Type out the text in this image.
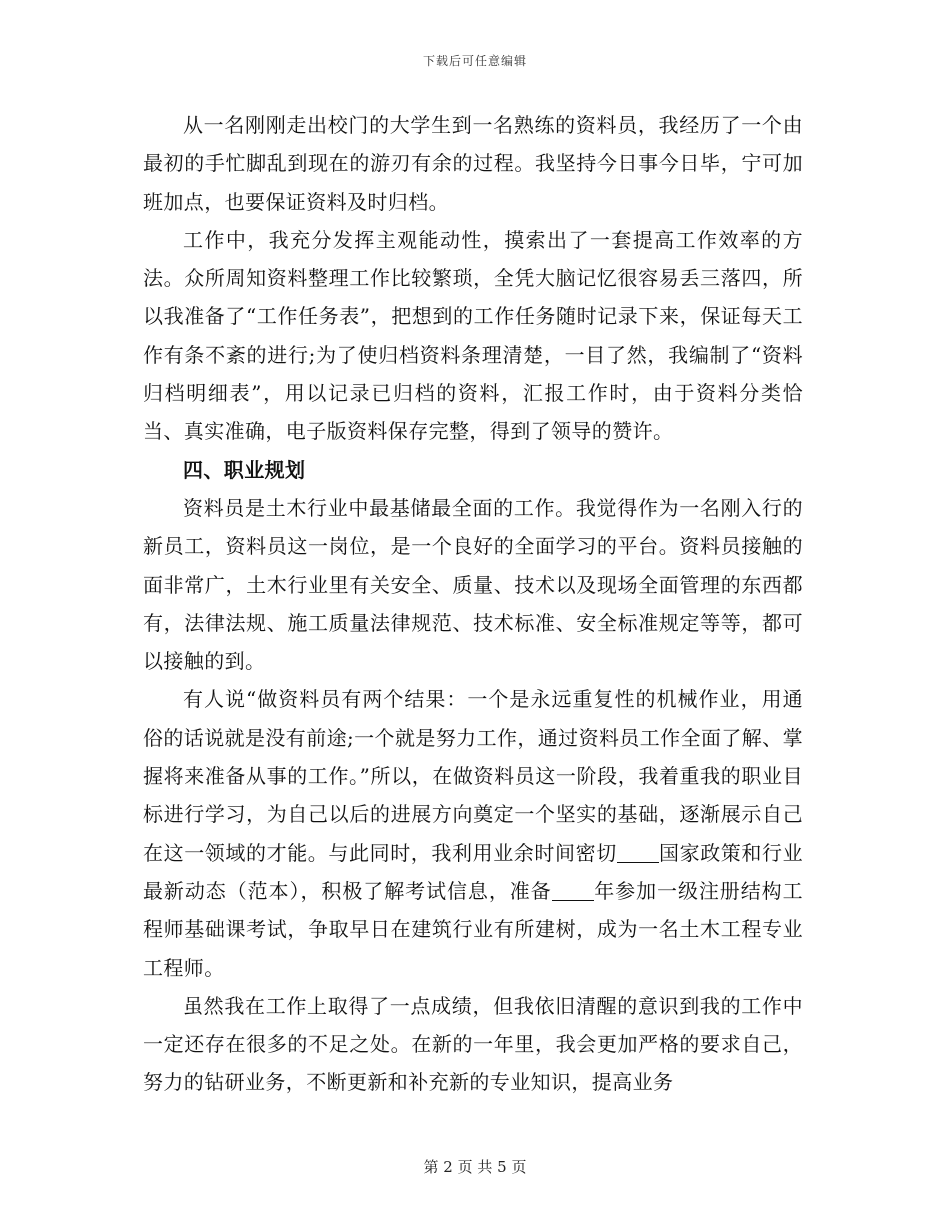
下载后可任意编辑

从一名刚刚走出校门的大学生到一名熟练的资料员，我经历了一个由最初的手忙脚乱到现在的游刃有余的过程。我坚持今日事今日毕，宁可加班加点，也要保证资料及时归档。

工作中，我充分发挥主观能动性，摸索出了一套提高工作效率的方法。众所周知资料整理工作比较繁琐，全凭大脑记忆很容易丢三落四，所以我准备了“工作任务表”，把想到的工作任务随时记录下来，保证每天工作有条不紊的进行;为了使归档资料条理清楚，一目了然，我编制了“资料归档明细表”，用以记录已归档的资料，汇报工作时，由于资料分类恰当、真实准确，电子版资料保存完整，得到了领导的赞许。

四、职业规划

资料员是土木行业中最基储最全面的工作。我觉得作为一名刚入行的新员工，资料员这一岗位，是一个良好的全面学习的平台。资料员接触的面非常广，土木行业里有关安全、质量、技术以及现场全面管理的东西都有，法律法规、施工质量法律规范、技术标准、安全标准规定等等，都可以接触的到。

有人说“做资料员有两个结果：一个是永远重复性的机械作业，用通俗的话说就是没有前途;一个就是努力工作，通过资料员工作全面了解、掌握将来准备从事的工作。”所以，在做资料员这一阶段，我着重我的职业目标进行学习，为自己以后的进展方向奠定一个坚实的基础，逐渐展示自己在这一领域的才能。与此同时，我利用业余时间密切 国家政策和行业最新动态（范本），积极了解考试信息，准备 年参加一级注册结构工程师基础课考试，争取早日在建筑行业有所建树，成为一名土木工程专业工程师。

虽然我在工作上取得了一点成绩，但我依旧清醒的意识到我的工作中一定还存在很多的不足之处。在新的一年里，我会更加严格的要求自己，努力的钻研业务，不断更新和补充新的专业知识，提高业务

第 2 页 共 5 页
